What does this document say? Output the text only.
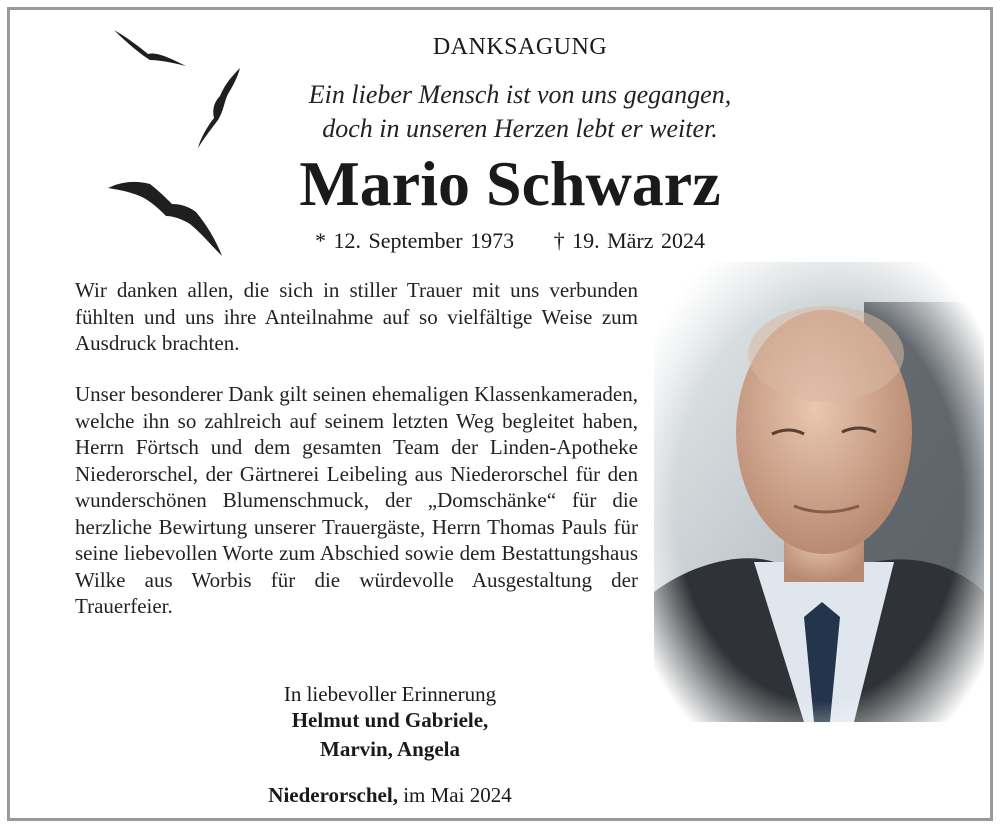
DANKSAGUNG
Ein lieber Mensch ist von uns gegangen,
doch in unseren Herzen lebt er weiter.
Mario Schwarz
* 12. September 1973 † 19. März 2024
Wir danken allen, die sich in stiller Trauer mit uns verbunden fühlten und uns ihre Anteilnahme auf so vielfältige Weise zum Ausdruck brachten.
Unser besonderer Dank gilt seinen ehemaligen Klassenkameraden, welche ihn so zahlreich auf seinem letzten Weg begleitet haben, Herrn Förtsch und dem gesamten Team der Linden-Apotheke Niederorschel, der Gärtnerei Leibeling aus Niederorschel für den wunderschönen Blumenschmuck, der „Domschänke“ für die herzliche Bewirtung unserer Trauergäste, Herrn Thomas Pauls für seine liebevollen Worte zum Abschied sowie dem Bestattungshaus Wilke aus Worbis für die würdevolle Ausgestaltung der Trauerfeier.
In liebevoller Erinnerung
Helmut und Gabriele,
Marvin, Angela
Niederorschel, im Mai 2024
